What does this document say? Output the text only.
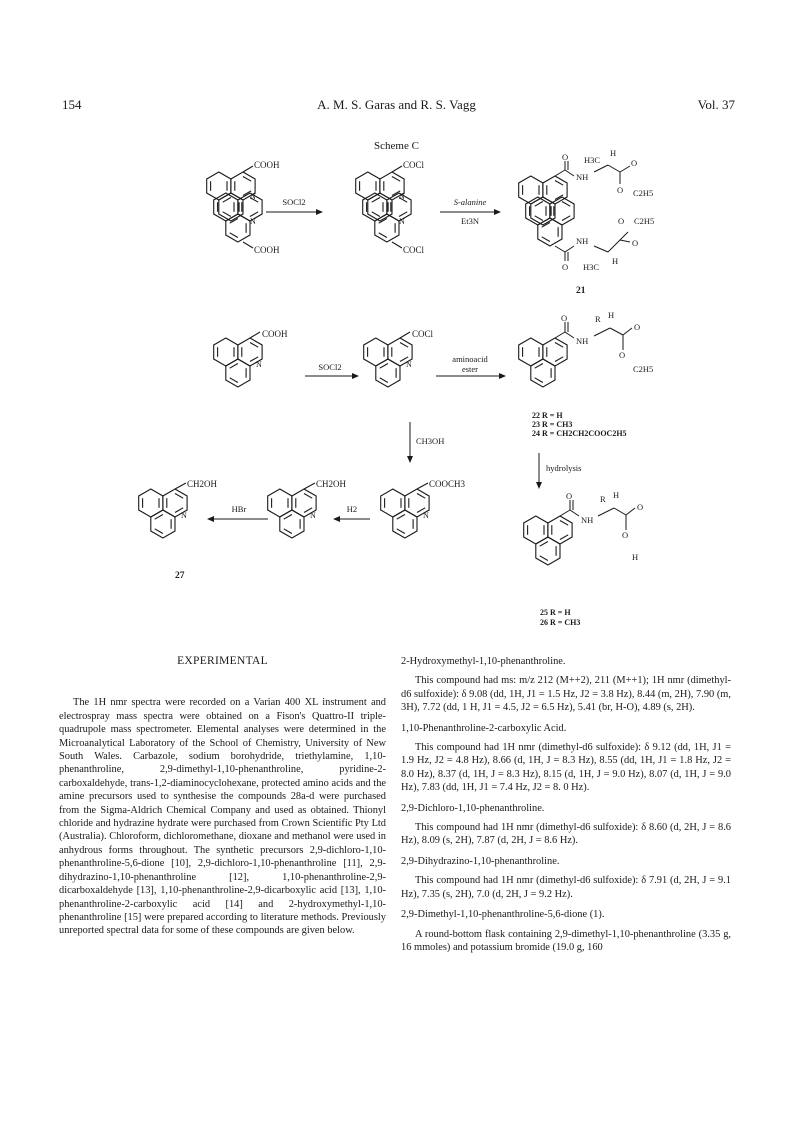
154	A. M. S. Garas and R. S. Vagg	Vol. 37
Scheme C
COOH
COOH
N
N
COCl
COCl
N
N
SOCl2	S-alanine
Et3N
NH
NH
O
O
H3C
H
O
O C2H5
O C2H5
O
H3C
H
21
COOH
N
COCl
N
SOCl2
aminoacid
ester
CH3OH
O
NH
R H
O
O
C2H5
22 R = H
23 R = CH3
24 R = CH2CH2COOC2H5
hydrolysis
COOCH3
N
H2
CH2OH
N
HBr
CH2OH
N
27
O
NH
R H
O
O
H
25 R = H
26 R = CH3

EXPERIMENTAL

The 1H nmr spectra were recorded on a Varian 400 XL instrument and electrospray mass spectra were obtained on a Fison's Quattro-II triple-quadrupole mass spectrometer. Elemental analyses were determined in the Microanalytical Laboratory of the School of Chemistry, University of New South Wales. Carbazole, sodium borohydride, triethylamine, 1,10-phenanthroline, 2,9-dimethyl-1,10-phenanthroline, pyridine-2-carboxaldehyde, trans-1,2-diaminocyclohexane, protected amino acids and the amine precursors used to synthesise the compounds 28a-d were purchased from the Sigma-Aldrich Chemical Company and used as obtained. Thionyl chloride and hydrazine hydrate were purchased from Crown Scientific Pty Ltd (Australia). Chloroform, dichloromethane, dioxane and methanol were used in anhydrous forms throughout. The synthetic precursors 2,9-dichloro-1,10-phenanthroline-5,6-dione [10], 2,9-dichloro-1,10-phenanthroline [11], 2,9-dihydrazino-1,10-phenanthroline [12], 1,10-phenanthroline-2,9-dicarboxaldehyde [13], 1,10-phenanthroline-2,9-dicarboxylic acid [13], 1,10-phenanthroline-2-carboxylic acid [14] and 2-hydroxymethyl-1,10-phenanthroline [15] were prepared according to literature methods. Previously unreported spectral data for some of these compounds are given below.

2-Hydroxymethyl-1,10-phenanthroline.

This compound had ms: m/z 212 (M++2), 211 (M++1); 1H nmr (dimethyl-d6 sulfoxide): δ 9.08 (dd, 1H, J1 = 1.5 Hz, J2 = 3.8 Hz), 8.44 (m, 2H), 7.90 (m, 3H), 7.72 (dd, 1 H, J1 = 4.5, J2 = 6.5 Hz), 5.41 (br, H-O), 4.89 (s, 2H).

1,10-Phenanthroline-2-carboxylic Acid.

This compound had 1H nmr (dimethyl-d6 sulfoxide): δ 9.12 (dd, 1H, J1 = 1.9 Hz, J2 = 4.8 Hz), 8.66 (d, 1H, J = 8.3 Hz), 8.55 (dd, 1H, J1 = 1.8 Hz, J2 = 8.0 Hz), 8.37 (d, 1H, J = 8.3 Hz), 8.15 (d, 1H, J = 9.0 Hz), 8.07 (d, 1H, J = 9.0 Hz), 7.83 (dd, 1H, J1 = 7.4 Hz, J2 = 8. 0 Hz).

2,9-Dichloro-1,10-phenanthroline.

This compound had 1H nmr (dimethyl-d6 sulfoxide): δ 8.60 (d, 2H, J = 8.6 Hz), 8.09 (s, 2H), 7.87 (d, 2H, J = 8.6 Hz).

2,9-Dihydrazino-1,10-phenanthroline.

This compound had 1H nmr (dimethyl-d6 sulfoxide): δ 7.91 (d, 2H, J = 9.1 Hz), 7.35 (s, 2H), 7.0 (d, 2H, J = 9.2 Hz).

2,9-Dimethyl-1,10-phenanthroline-5,6-dione (1).

A round-bottom flask containing 2,9-dimethyl-1,10-phenanthroline (3.35 g, 16 mmoles) and potassium bromide (19.0 g, 160
